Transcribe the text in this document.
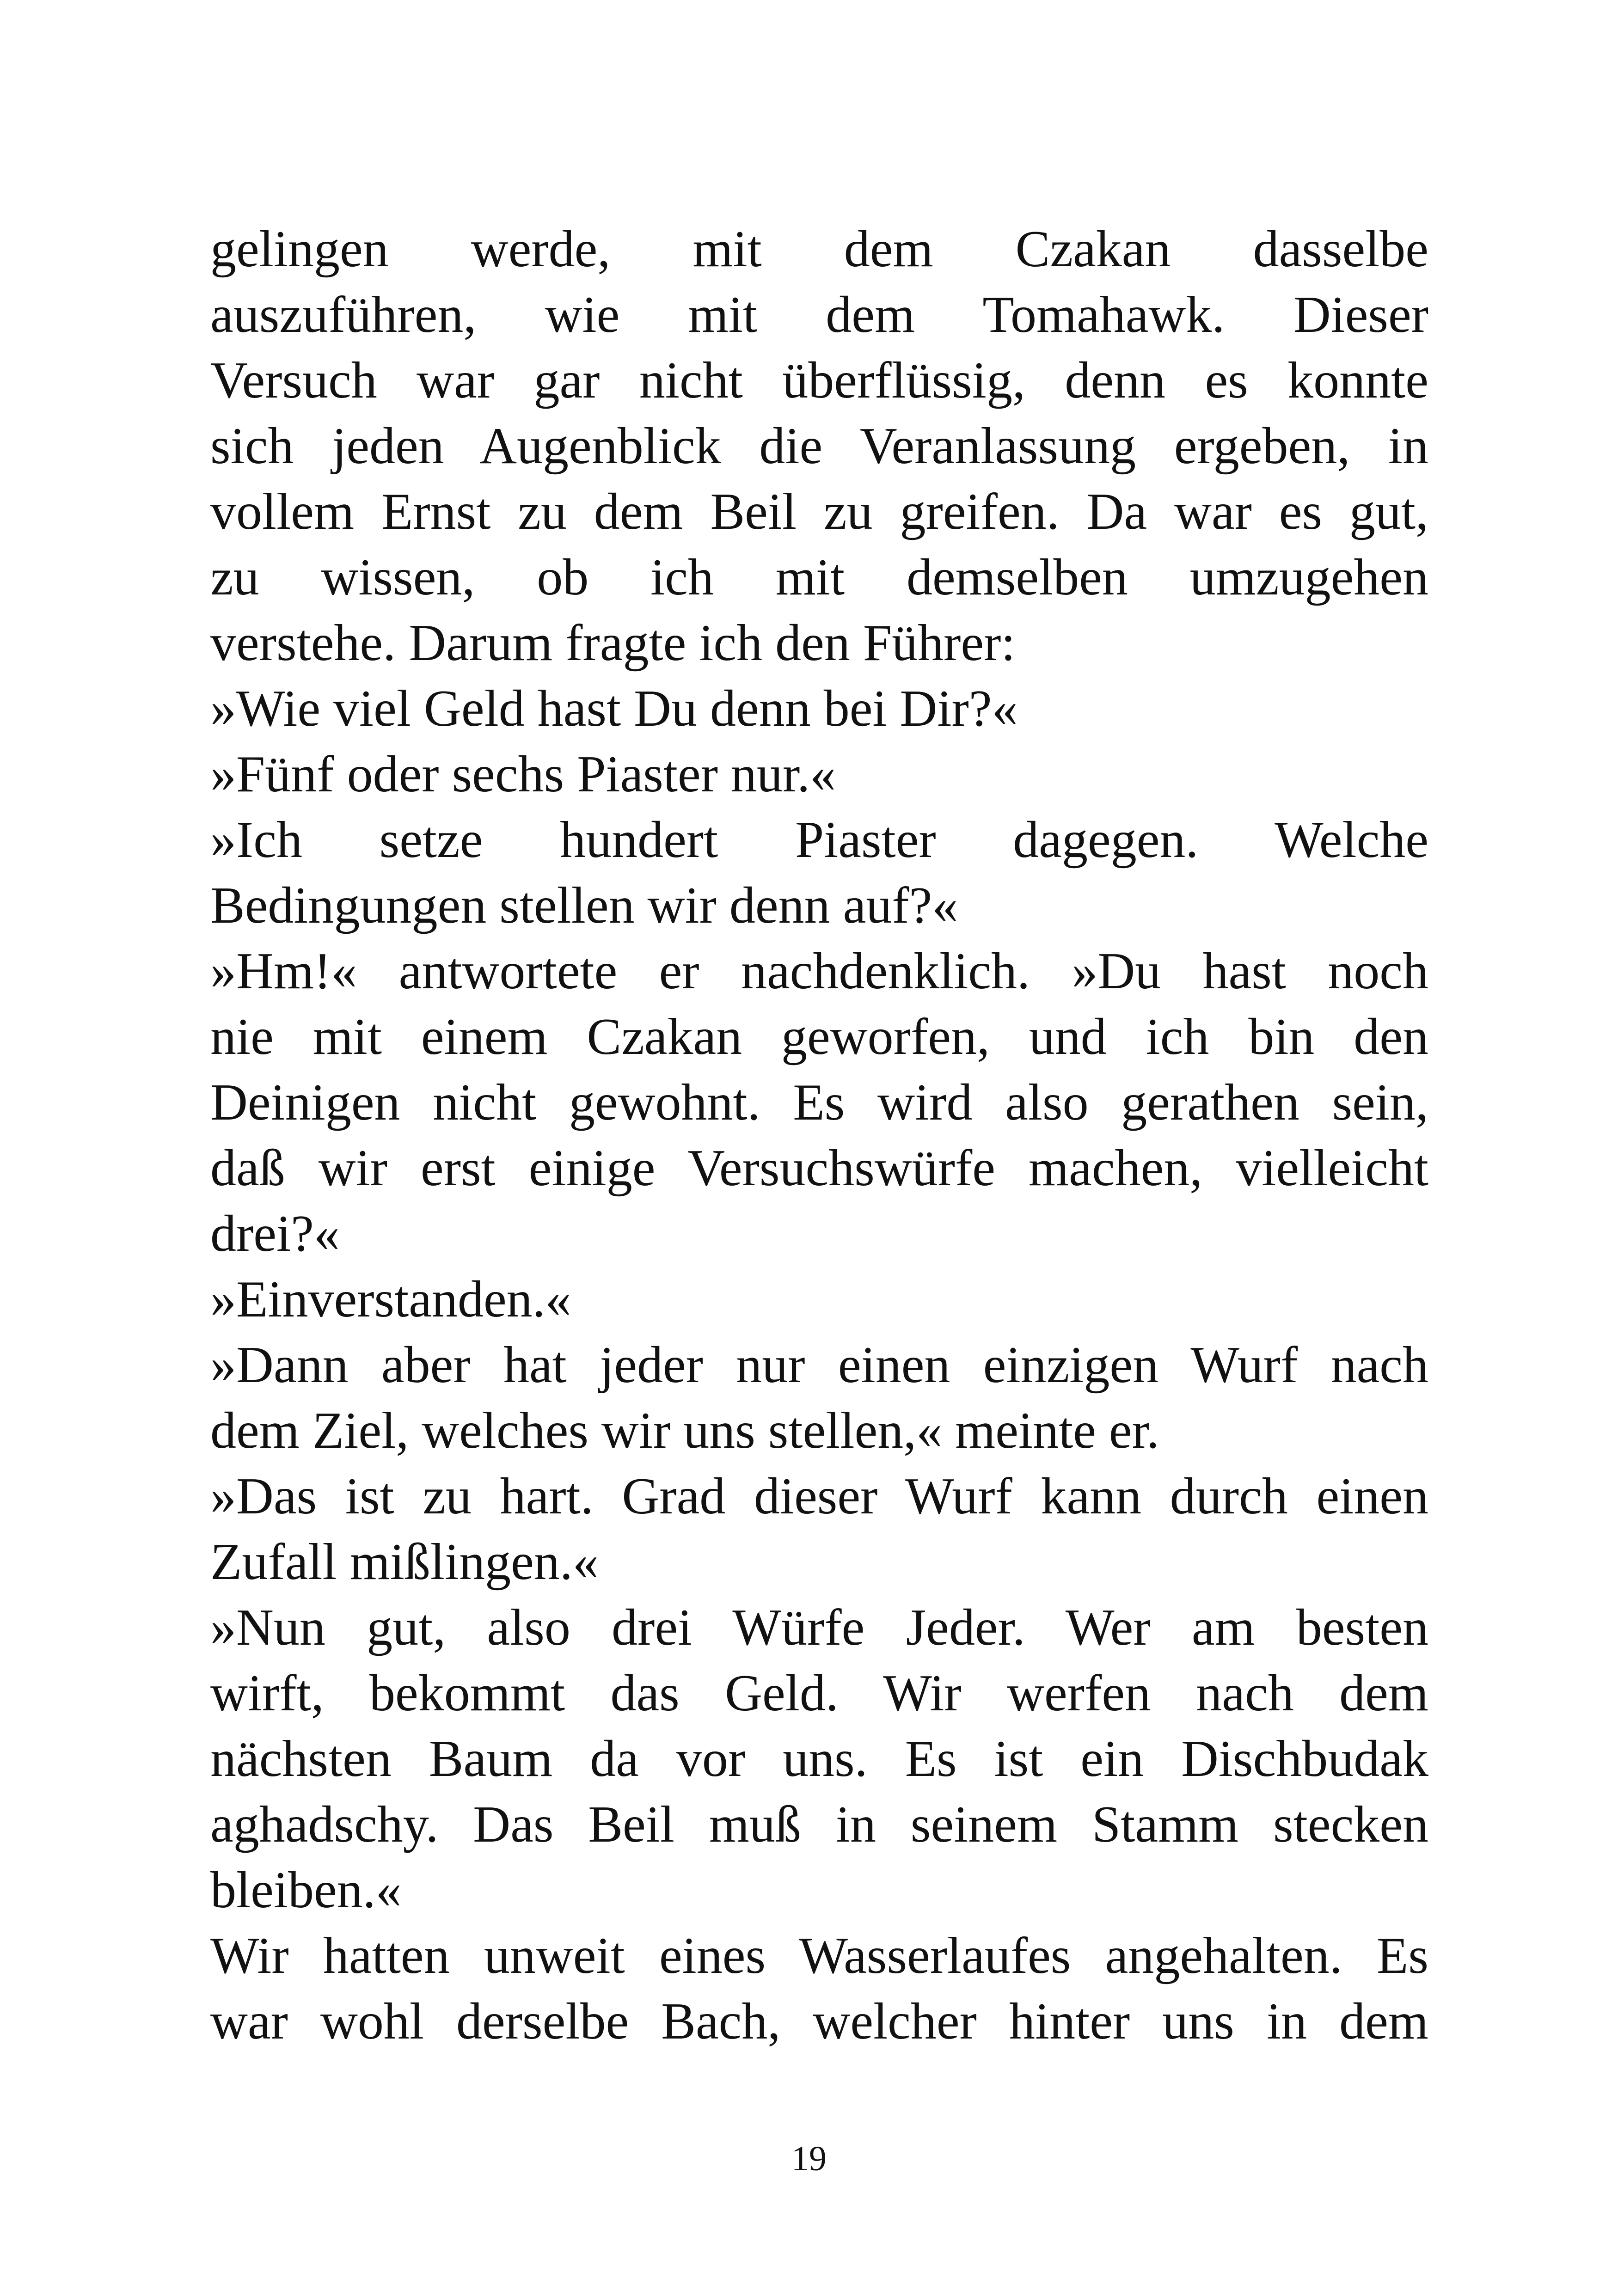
gelingen werde, mit dem Czakan dasselbe
auszuführen, wie mit dem Tomahawk. Dieser
Versuch war gar nicht überflüssig, denn es konnte
sich jeden Augenblick die Veranlassung ergeben, in
vollem Ernst zu dem Beil zu greifen. Da war es gut,
zu wissen, ob ich mit demselben umzugehen
verstehe. Darum fragte ich den Führer:
»Wie viel Geld hast Du denn bei Dir?«
»Fünf oder sechs Piaster nur.«
»Ich setze hundert Piaster dagegen. Welche
Bedingungen stellen wir denn auf?«
»Hm!« antwortete er nachdenklich. »Du hast noch
nie mit einem Czakan geworfen, und ich bin den
Deinigen nicht gewohnt. Es wird also gerathen sein,
daß wir erst einige Versuchswürfe machen, vielleicht
drei?«
»Einverstanden.«
»Dann aber hat jeder nur einen einzigen Wurf nach
dem Ziel, welches wir uns stellen,« meinte er.
»Das ist zu hart. Grad dieser Wurf kann durch einen
Zufall mißlingen.«
»Nun gut, also drei Würfe Jeder. Wer am besten
wirft, bekommt das Geld. Wir werfen nach dem
nächsten Baum da vor uns. Es ist ein Dischbudak
aghadschy. Das Beil muß in seinem Stamm stecken
bleiben.«
Wir hatten unweit eines Wasserlaufes angehalten. Es
war wohl derselbe Bach, welcher hinter uns in dem
19
